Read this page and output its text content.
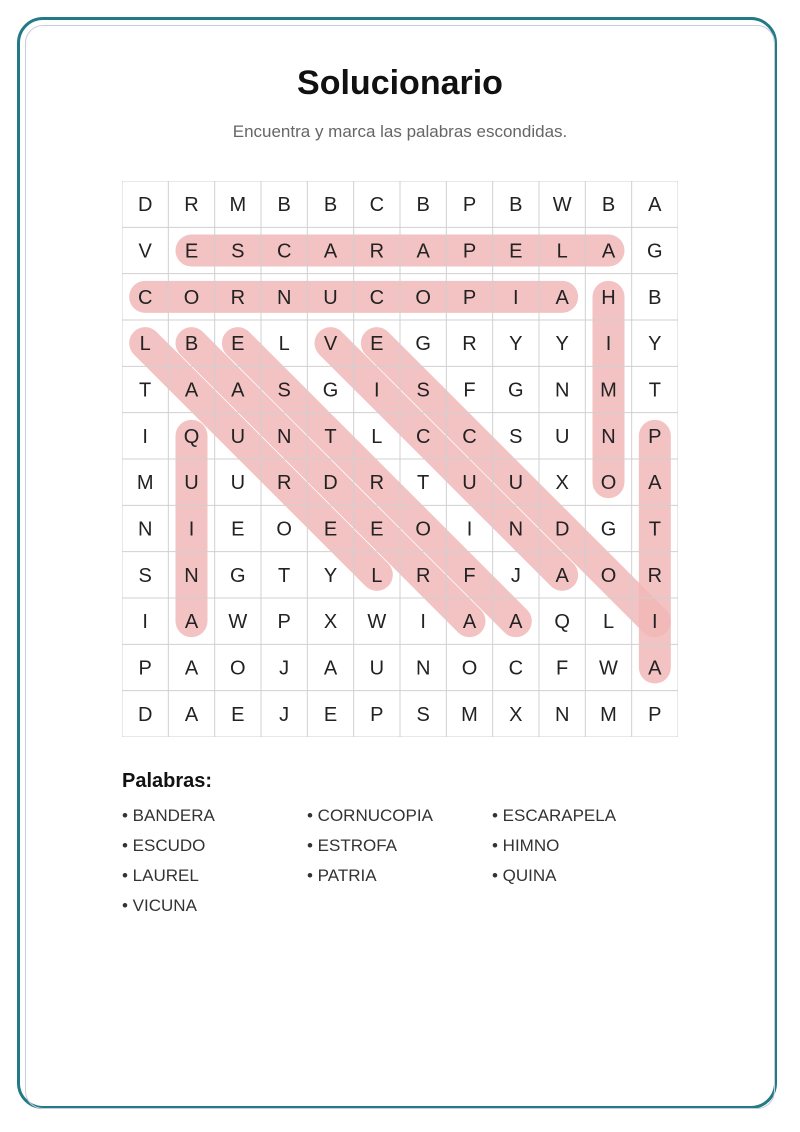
Solucionario
Encuentra y marca las palabras escondidas.
D R M B B C B P B W B A
V E S C A R A P E L A G
C O R N U C O P I A H B
L B E L V E G R Y Y I Y
T A A S G I S F G N M T
I Q U N T L C C S U N P
M U U R D R T U U X O A
N I E O E E O I N D G T
S N G T Y L R F J A O R
I A W P X W I A A Q L I
P A O J A U N O C F W A
D A E J E P S M X N M P
Palabras:
• BANDERA	• CORNUCOPIA	• ESCARAPELA
• ESCUDO	• ESTROFA	• HIMNO
• LAUREL	• PATRIA	• QUINA
• VICUNA
